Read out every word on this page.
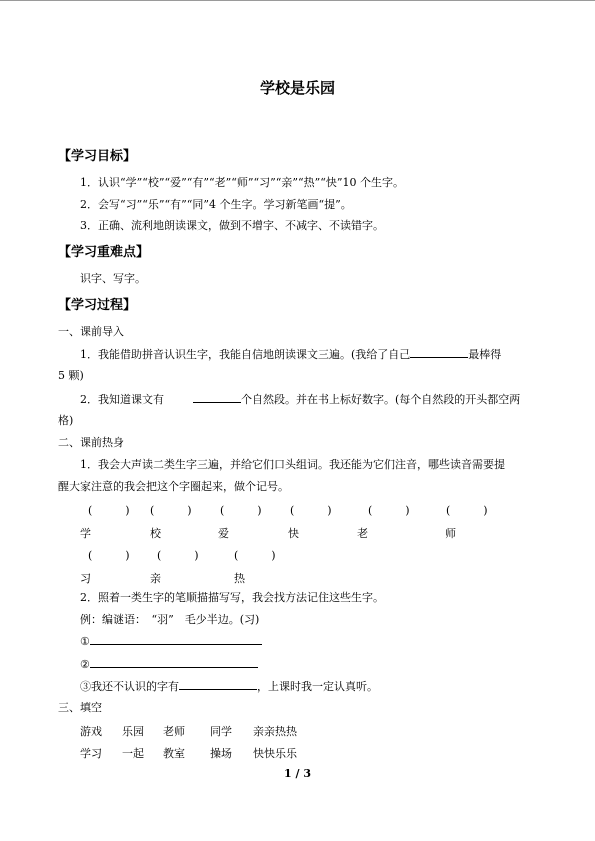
学校是乐园
【学习目标】
1．认识“学”“校”“爱”“有”“老”“师”“习”“亲”“热”“快”10 个生字。
2．会写“习”“乐”“有”“同”4 个生字。学习新笔画“提”。
3．正确、流利地朗读课文，做到不增字、不减字、不读错字。
【学习重难点】
识字、写字。
【学习过程】
一、课前导入
1．我能借助拼音认识生字，我能自信地朗读课文三遍。(我给了自己	最棒得
5 颗)
2．我知道课文有	个自然段。并在书上标好数字。(每个自然段的开头都空两
格)
二、课前热身
1．我会大声读二类生字三遍，并给它们口头组词。我还能为它们注音，哪些读音需要提
醒大家注意的我会把这个字圈起来，做个记号。
(　　　) (　　　)	(　　　)	(　　　)	(　　　)	(　　　)
学	校	爱	快	老	师
(　　　) (　　　)	(　　　)
习	亲	热
2．照着一类生字的笔顺描描写写，我会找方法记住这些生字。
例：编谜语：　“羽”　毛少半边。(习)
①
②
③我还不认识的字有	，上课时我一定认真听。
三、填空
游戏 乐园 老师 同学 亲亲热热
学习 一起 教室 操场 快快乐乐
1 / 3
